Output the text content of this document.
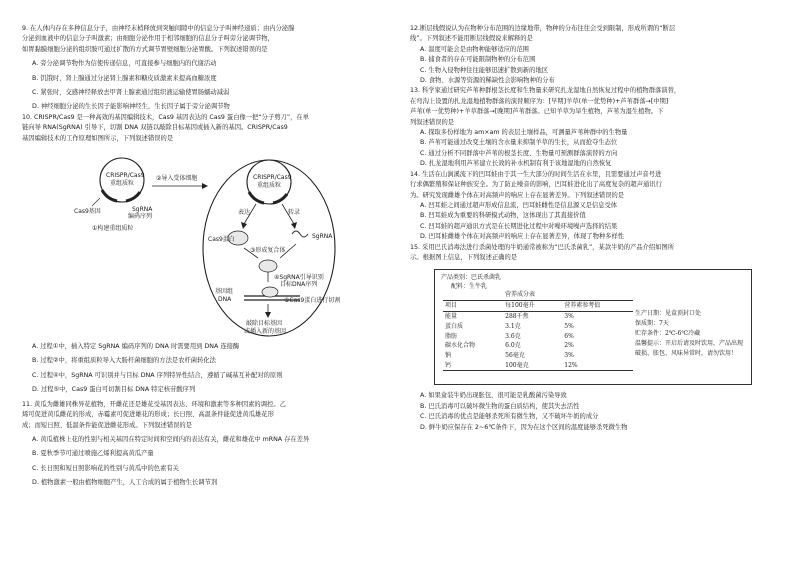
9. 在人体内存在多种信息分子，由神经末梢释放到突触间隙中的信息分子叫神经递质；由内分泌腺

分泌到血液中的信息分子叫激素；由细胞分泌作用于相邻细胞的信息分子叫旁分泌调节物，

如胃黏膜细胞分泌的组织胺可通过扩散的方式调节胃壁细胞分泌胃酸。下列叙述错误的是

A. 旁分泌调节物作为信使传递信息，可直接参与细胞内的代谢活动

B. 饥饿时，肾上腺通过分泌肾上腺素和糖皮质激素来提高血糖浓度

C. 紧张时，交感神经释放去甲肾上腺素通过组织液运输使胃肠蠕动减弱

D. 神经细胞分泌的生长因子能影响神经生，生长因子属于旁分泌调节物

10. CRISPR/Cas9 是一种高效的基因编辑技术，Cas9 基因表达的 Cas9 蛋白像一把“分子剪刀”，在单

链向导 RNA(SgRNA) 引导下，切割 DNA 双链以敲除目标基因或插入新的基因。CRISPR/Cas9

基因编辑技术的工作原理如图所示，下列叙述错误的是

CRISPR/Cas9
重组质粒
Cas9基因	SgRNA
编码序列
①构建重组质粒
②导入受体细胞	CRISPR/Cas9
重组质粒
表达	转录
Cas9蛋白	SgRNA
③形成复合体
④SgRNA引导识别
目标DNA序列
基因组
DNA	⑤Cas9蛋白进行切割
敲除目标基因
或插入新的基因

A. 过程①中，插入特定 SgRNA 编码序列的 DNA 时需要用到 DNA 连接酶

B. 过程②中，将重组质粒导入大肠杆菌细胞的方法是农杆菌转化法

C. 过程④中，SgRNA 可识别并与目标 DNA 序列特异性结合，遵循了碱基互补配对的原则

D. 过程⑤中，Cas9 蛋白可切割目标 DNA 特定核苷酸序列

11. 黄瓜为雌雄同株异花植物，开雌花还是雄花受基因表达、环境和激素等多种因素的调控。乙

烯可促进黄瓜雌花的形成，赤霉素可促进雄花的形成；长日照、高温条件能促进黄瓜雄花形

成；而短日照、低温条件能促进雌花形成。下列叙述错误的是

A. 黄瓜植株上花的性别与相关基因在特定时间和空间内的表达有关，雌花和雄花中 mRNA 存在差异

B. 夏秋季节可通过喷施乙烯利提高黄瓜产量

C. 长日照和短日照影响花的性别与黄瓜中的色素有关

D. 植物激素一般由植物细胞产生，人工合成的属于植物生长调节剂

12.断层线假说认为在物种分布范围的边缘地带，物种的分布往往会受到限制，形成所谓的“断层

线”。下列叙述不能用断层线假说来解释的是

A. 温度可能会是由物种能够适应的范围

B. 捕食者的存在可能限制物种的分布范围

C. 生物入侵物种往往能够迅速扩散到新的地区

D. 食物、水源等资源的稀缺性会影响物种的分布

13. 科学家通过研究芦苇种群根茎长度和生物量来研究扎龙湿地自然恢复过程中的植物群落演替，

在弯沟上设置的扎龙湿地植物群落的演替顺序为：[早期]羊草(单一优势种)+芦苇群落→[中期]

芦苇(单一优势种)+羊草群落→[晚期]芦苇群落。已知羊草为旱生植物，芦苇为湿生植物。下

列叙述错误的是

A. 探取多份样地为 am×am 的表层土壤样品，可测量芦苇种群中的生物量

B. 芦苇可能通过改变土壤的含水量来抑制羊草的生长，从而抢夺生态位

C. 通过分析不同群落中芦苇的根茎长度、生物量可预测群落演替的方向

D. 扎龙湿地利用芦苇建立长效的补水机制有利于该地湿地的自然恢复

14. 生活在山涧溪流下的凹耳蛙由于其一生大部分的时间生活在水里，且需要通过声音号进

行求偶繁殖和保证种族安全。为了防止噪音的影响，凹耳蛙进化出了高度复杂的超声通讯行

为。研究发现雌雄个体在对高频声的响应上存在显著差异。下列叙述错误的是

A. 凹耳蛙之间通过超声形成信息流，凹耳蛙雌性是信息源又是信息受体

B. 凹耳蛙成为重要的科研模式动物，这体现出了其直接价值

C. 凹耳蛙的超声通讯方式是在长期进化过程中对噪环境噪声选择的结果

D. 凹耳蛙雌雄个体在对高频声的响应上存在显著差异，体现了物种多样性

15. 采用巴氏消毒法进行杀菌处理的牛奶通常被称为“巴氏杀菌乳”，某款牛奶的产品介绍如图所

示。根据图上信息，下列叙述正确的是

产品类别：巴氏杀菌乳
配料：生牛乳
营养成分表
项目	每100毫升	营养素参考值
能量	288千焦	3%
蛋白质	3.1克	5%
脂肪	3.6克	6%
碳水化合物	6.0克	2%
钠	56毫克	3%
钙	100毫克	12%
生产日期：见盒顶封口处
保质期：7天
贮存条件：2℃-6℃冷藏
温馨提示：开启后请及时饮用，产品出现
破损、胀包、风味异常时，请勿饮用！

A. 如果盒装牛奶出现胀包，很可能是乳酸菌污染导致

B. 巴氏消毒可以破坏微生物的蛋白质结构，使其失去活性

C. 巴氏消毒的优点是能够杀死所有微生物，又不破坏牛奶的成分

D. 鲜牛奶应保存在 2~6℃条件下，因为在这个区间的温度能够杀死微生物
